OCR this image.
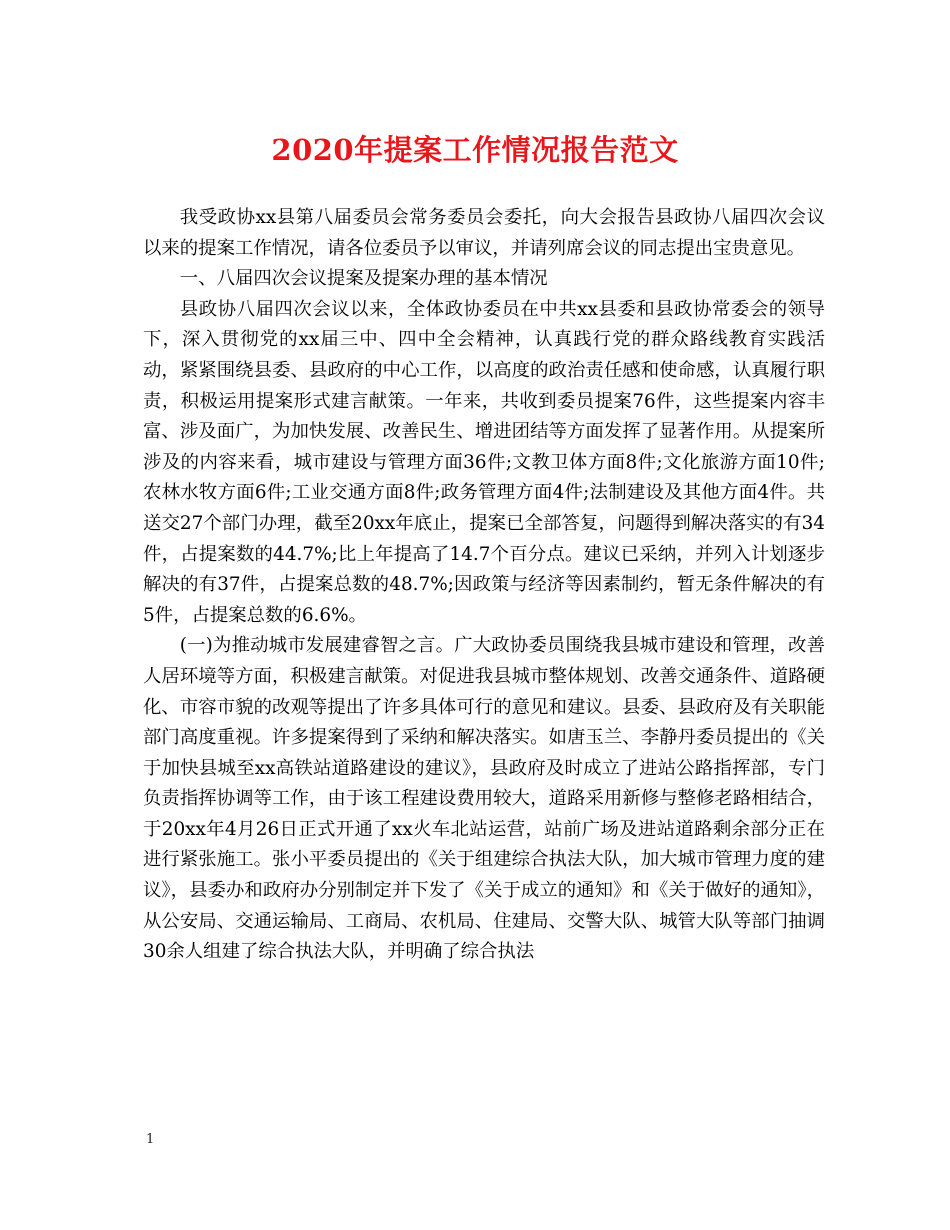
2020年提案工作情况报告范文

我受政协xx县第八届委员会常务委员会委托，向大会报告县政协八届四次会议以来的提案工作情况，请各位委员予以审议，并请列席会议的同志提出宝贵意见。

一、八届四次会议提案及提案办理的基本情况

县政协八届四次会议以来，全体政协委员在中共xx县委和县政协常委会的领导下，深入贯彻党的xx届三中、四中全会精神，认真践行党的群众路线教育实践活动，紧紧围绕县委、县政府的中心工作，以高度的政治责任感和使命感，认真履行职责，积极运用提案形式建言献策。一年来，共收到委员提案76件，这些提案内容丰富、涉及面广，为加快发展、改善民生、增进团结等方面发挥了显著作用。从提案所涉及的内容来看，城市建设与管理方面36件;文教卫体方面8件;文化旅游方面10件;农林水牧方面6件;工业交通方面8件;政务管理方面4件;法制建设及其他方面4件。共送交27个部门办理，截至20xx年底止，提案已全部答复，问题得到解决落实的有34件，占提案数的44.7%;比上年提高了14.7个百分点。建议已采纳，并列入计划逐步解决的有37件，占提案总数的48.7%;因政策与经济等因素制约，暂无条件解决的有5件，占提案总数的6.6%。

(一)为推动城市发展建睿智之言。广大政协委员围绕我县城市建设和管理，改善人居环境等方面，积极建言献策。对促进我县城市整体规划、改善交通条件、道路硬化、市容市貌的改观等提出了许多具体可行的意见和建议。县委、县政府及有关职能部门高度重视。许多提案得到了采纳和解决落实。如唐玉兰、李静丹委员提出的《关于加快县城至xx高铁站道路建设的建议》，县政府及时成立了进站公路指挥部，专门负责指挥协调等工作，由于该工程建设费用较大，道路采用新修与整修老路相结合，于20xx年4月26日正式开通了xx火车北站运营，站前广场及进站道路剩余部分正在进行紧张施工。张小平委员提出的《关于组建综合执法大队，加大城市管理力度的建议》，县委办和政府办分别制定并下发了《关于成立的通知》和《关于做好的通知》，从公安局、交通运输局、工商局、农机局、住建局、交警大队、城管大队等部门抽调30余人组建了综合执法大队，并明确了综合执法

1
